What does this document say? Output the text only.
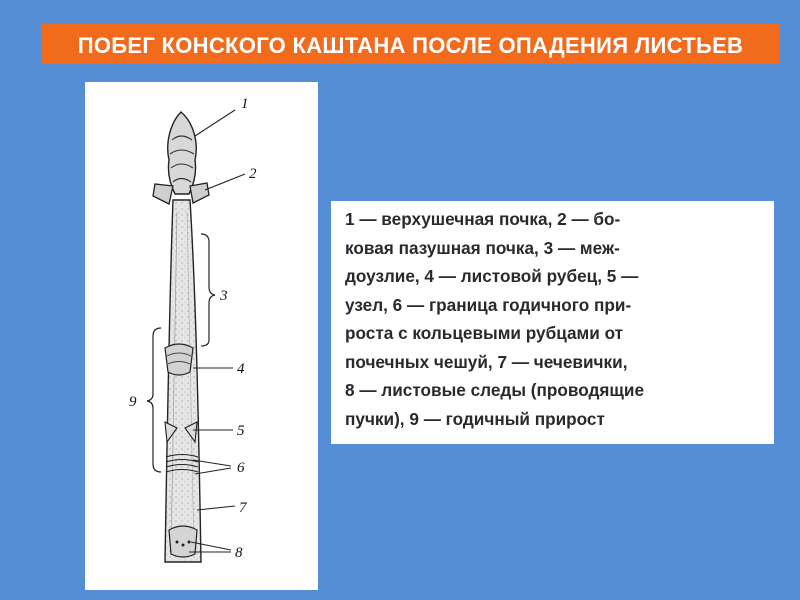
ПОБЕГ КОНСКОГО КАШТАНА ПОСЛЕ ОПАДЕНИЯ ЛИСТЬЕВ
1
2
3
4
5
6
7
8
9
1 — верхушечная почка, 2 — бо-
ковая пазушная почка, 3 — меж-
доузлие, 4 — листовой рубец, 5 —
узел, 6 — граница годичного при-
роста с кольцевыми рубцами от
почечных чешуй, 7 — чечевички,
8 — листовые следы (проводящие
пучки), 9 — годичный прирост
